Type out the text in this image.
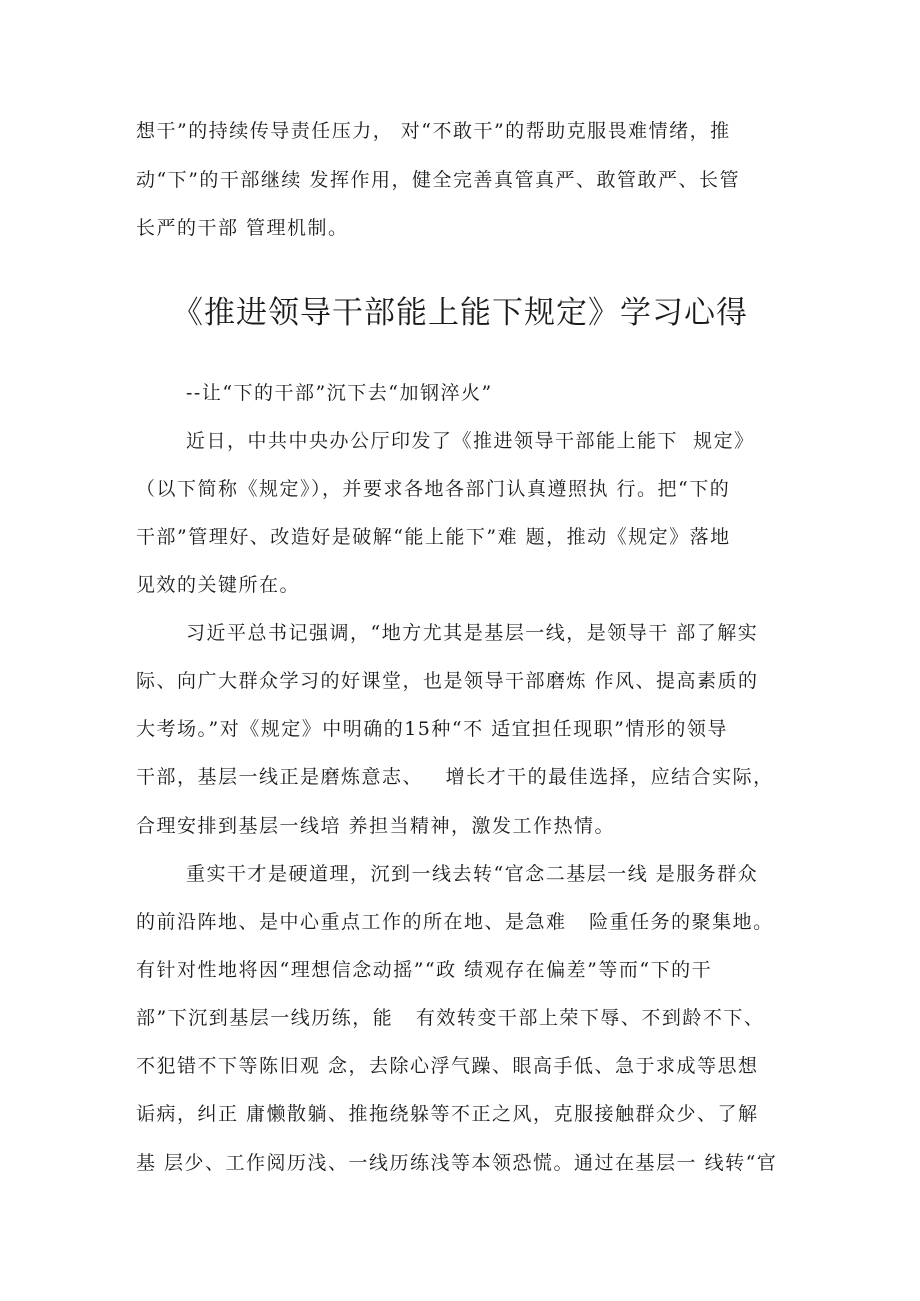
想干”的持续传导责任压力， 对“不敢干”的帮助克服畏难情绪，推
动“下”的干部继续 发挥作用，健全完善真管真严、敢管敢严、长管
长严的干部 管理机制。
《推进领导干部能上能下规定》学习心得
--让“下的干部”沉下去“加钢淬火”
近日，中共中央办公厅印发了《推进领导干部能上能下  规定》
（以下简称《规定》），并要求各地各部门认真遵照执 行。把“下的
干部”管理好、改造好是破解“能上能下”难 题，推动《规定》落地
见效的关键所在。
习近平总书记强调，“地方尤其是基层一线，是领导干 部了解实
际、向广大群众学习的好课堂，也是领导干部磨炼 作风、提高素质的
大考场。”对《规定》中明确的15种“不 适宜担任现职”情形的领导
干部，基层一线正是磨炼意志、   增长才干的最佳选择，应结合实际，
合理安排到基层一线培 养担当精神，激发工作热情。
重实干才是硬道理，沉到一线去转“官念二基层一线 是服务群众
的前沿阵地、是中心重点工作的所在地、是急难   险重任务的聚集地。
有针对性地将因“理想信念动摇”“政 绩观存在偏差”等而“下的干
部”下沉到基层一线历练，能   有效转变干部上荣下辱、不到龄不下、
不犯错不下等陈旧观 念，去除心浮气躁、眼高手低、急于求成等思想
诟病，纠正 庸懒散躺、推拖绕躲等不正之风，克服接触群众少、了解
基 层少、工作阅历浅、一线历练浅等本领恐慌。通过在基层一 线转“官
